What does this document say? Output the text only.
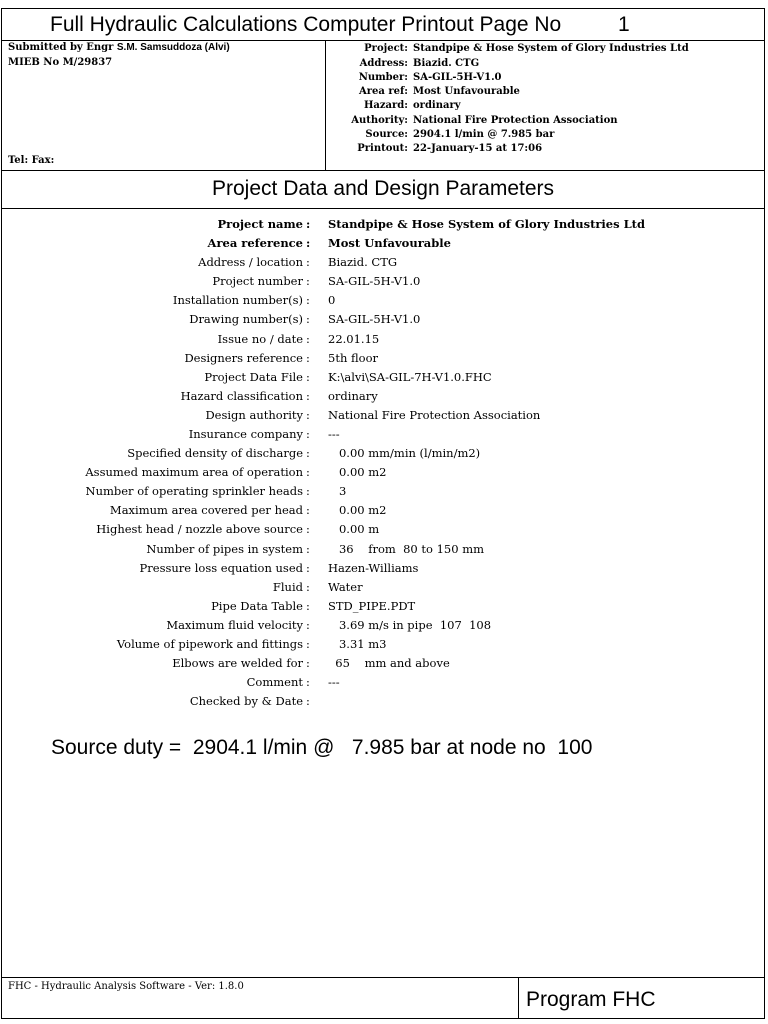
Full Hydraulic Calculations Computer Printout Page No	1
Submitted by Engr S.M. Samsuddoza (Alvi)
MIEB No M/29837
Tel: Fax:
Project: Standpipe & Hose System of Glory Industries Ltd
Address: Biazid. CTG
Number: SA-GIL-5H-V1.0
Area ref: Most Unfavourable
Hazard: ordinary
Authority: National Fire Protection Association
Source: 2904.1 l/min @ 7.985 bar
Printout: 22-January-15 at 17:06
Project Data and Design Parameters
Project name :	Standpipe & Hose System of Glory Industries Ltd
Area reference :	Most Unfavourable
Address / location :	Biazid. CTG
Project number :	SA-GIL-5H-V1.0
Installation number(s) :	0
Drawing number(s) :	SA-GIL-5H-V1.0
Issue no / date :	22.01.15
Designers reference :	5th floor
Project Data File :	K:\alvi\SA-GIL-7H-V1.0.FHC
Hazard classification :	ordinary
Design authority :	National Fire Protection Association
Insurance company :	---
Specified density of discharge :	0.00 mm/min (l/min/m2)
Assumed maximum area of operation :	0.00 m2
Number of operating sprinkler heads :	3
Maximum area covered per head :	0.00 m2
Highest head / nozzle above source :	0.00 m
Number of pipes in system :	36    from  80 to 150 mm
Pressure loss equation used :	Hazen-Williams
Fluid :	Water
Pipe Data Table :	STD_PIPE.PDT
Maximum fluid velocity :	3.69 m/s in pipe  107  108
Volume of pipework and fittings :	3.31 m3
Elbows are welded for :	65    mm and above
Comment :	---
Checked by & Date :
Source duty =  2904.1 l/min @   7.985 bar at node no  100
FHC - Hydraulic Analysis Software - Ver: 1.8.0
Program FHC
